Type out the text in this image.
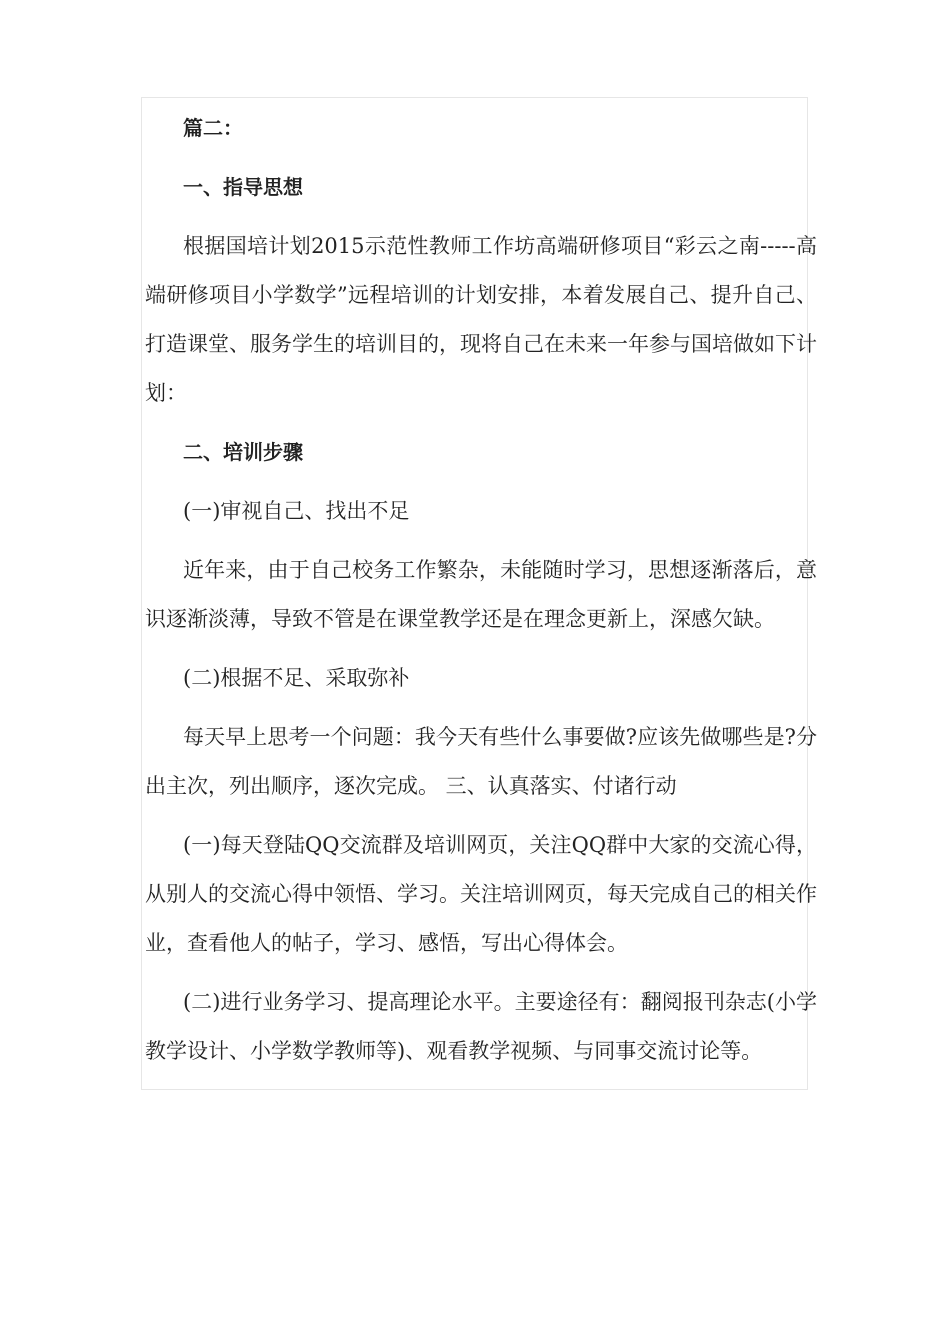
篇二：

一、指导思想

根据国培计划2015示范性教师工作坊高端研修项目“彩云之南-----高端研修项目小学数学”远程培训的计划安排，本着发展自己、提升自己、打造课堂、服务学生的培训目的，现将自己在未来一年参与国培做如下计划：

二、培训步骤

(一)审视自己、找出不足

近年来，由于自己校务工作繁杂，未能随时学习，思想逐渐落后，意识逐渐淡薄，导致不管是在课堂教学还是在理念更新上，深感欠缺。

(二)根据不足、采取弥补

每天早上思考一个问题：我今天有些什么事要做?应该先做哪些是?分出主次，列出顺序，逐次完成。 三、认真落实、付诸行动

(一)每天登陆QQ交流群及培训网页，关注QQ群中大家的交流心得，从别人的交流心得中领悟、学习。关注培训网页，每天完成自己的相关作业，查看他人的帖子，学习、感悟，写出心得体会。

(二)进行业务学习、提高理论水平。主要途径有：翻阅报刊杂志(小学教学设计、小学数学教师等)、观看教学视频、与同事交流讨论等。
